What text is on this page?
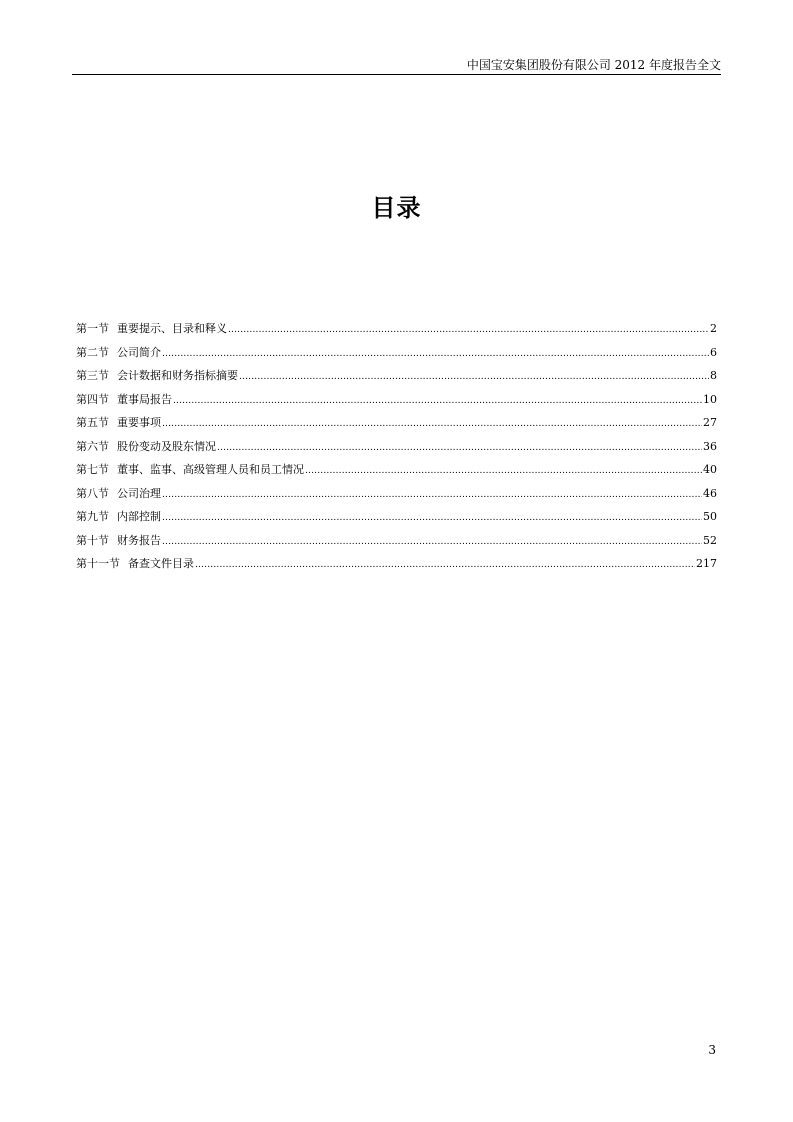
中国宝安集团股份有限公司 2012 年度报告全文
目录
第一节 重要提示、目录和释义 .....	2
第二节 公司简介 .....	6
第三节 会计数据和财务指标摘要 .....	8
第四节 董事局报告 .....	10
第五节 重要事项 .....	27
第六节 股份变动及股东情况 .....	36
第七节 董事、监事、高级管理人员和员工情况 .....	40
第八节 公司治理 .....	46
第九节 内部控制 .....	50
第十节 财务报告 .....	52
第十一节 备查文件目录 .....	217
3
